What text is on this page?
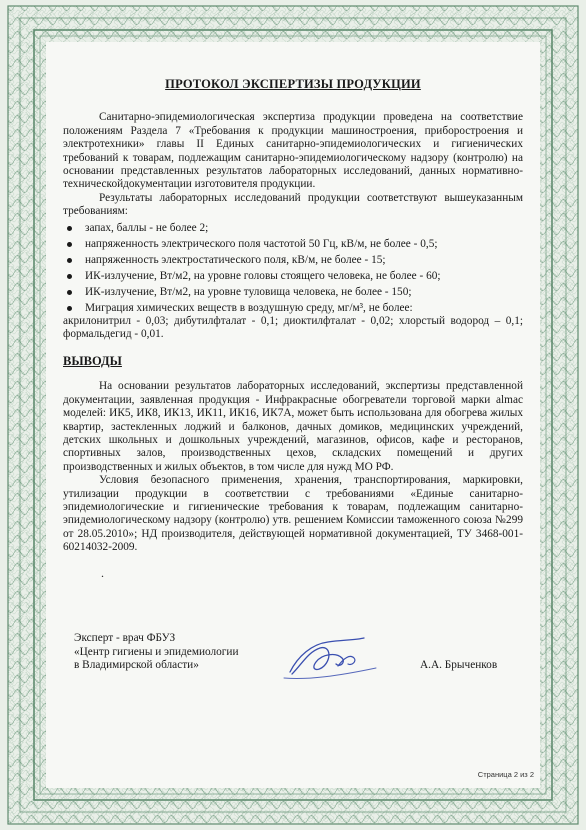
ПРОТОКОЛ ЭКСПЕРТИЗЫ ПРОДУКЦИИ

Санитарно-эпидемиологическая экспертиза продукции проведена на соответствие положениям Раздела 7 «Требования к продукции машиностроения, приборостроения и электротехники» главы II Единых санитарно-эпидемиологических и гигиенических требований к товарам, подлежащим санитарно-эпидемиологическому надзору (контролю) на основании представленных результатов лабораторных исследований, данных нормативно-техническойдокументации изготовителя продукции.

Результаты лабораторных исследований продукции соответствуют вышеуказанным требованиям:

запах, баллы - не более 2;
напряженность электрического поля частотой 50 Гц, кВ/м, не более - 0,5;
напряженность электростатического поля, кВ/м, не более - 15;
ИК-излучение, Вт/м2, на уровне головы стоящего человека, не более - 60;
ИК-излучение, Вт/м2, на уровне туловища человека, не более - 150;
Миграция химических веществ в воздушную среду, мг/м³, не более:
акрилонитрил - 0,03; дибутилфталат - 0,1; диоктилфталат - 0,02; хлорстый водород – 0,1; формальдегид - 0,01.
ВЫВОДЫ

На основании результатов лабораторных исследований, экспертизы представленной документации, заявленная продукция - Инфракрасные обогреватели торговой марки almac моделей: ИК5, ИК8, ИК13, ИК11, ИК16, ИК7А, может быть использована для обогрева жилых квартир, застекленных лоджий и балконов, дачных домиков, медицинских учреждений, детских школьных и дошкольных учреждений, магазинов, офисов, кафе и ресторанов, спортивных залов, производственных цехов, складских помещений и других производственных и жилых объектов, в том числе для нужд МО РФ.

Условия безопасного применения, хранения, транспортирования, маркировки, утилизации продукции в соответствии с требованиями «Единые санитарно-эпидемиологические и гигиенические требования к товарам, подлежащим санитарно-эпидемиологическому надзору (контролю) утв. решением Комиссии таможенного союза №299 от 28.05.2010»; НД производителя, действующей нормативной документацией, ТУ 3468-001-60214032-2009.

.
Эксперт - врач ФБУЗ
«Центр гигиены и эпидемиологии
в Владимирской области»	А.А. Брыченков
Страница 2 из 2
